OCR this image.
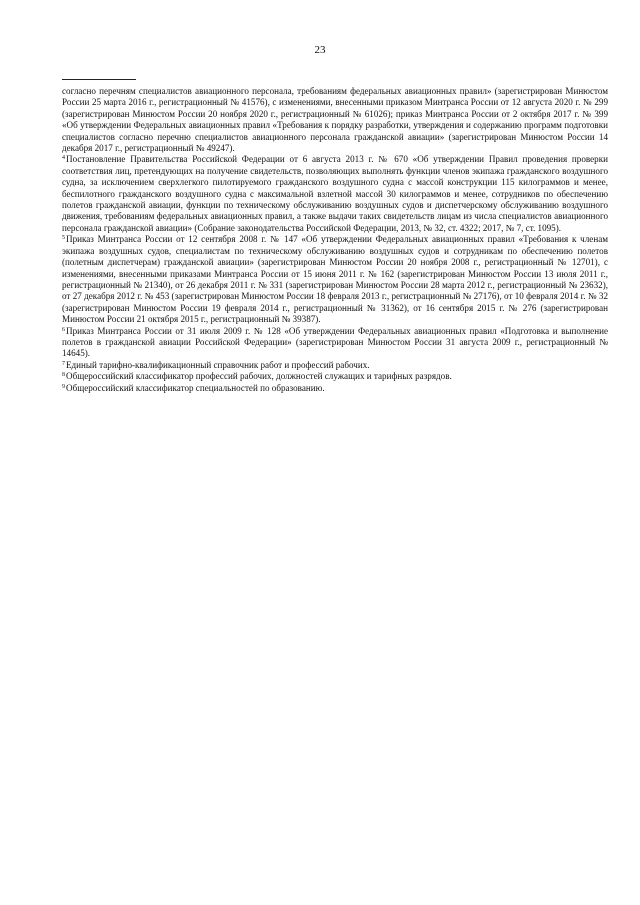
23

согласно перечням специалистов авиационного персонала, требованиям федеральных авиационных правил» (зарегистрирован Минюстом России 25 марта 2016 г., регистрационный № 41576), с изменениями, внесенными приказом Минтранса России от 12 августа 2020 г. № 299 (зарегистрирован Минюстом России 20 ноября 2020 г., регистрационный № 61026); приказ Минтранса России от 2 октября 2017 г. № 399 «Об утверждении Федеральных авиационных правил «Требования к порядку разработки, утверждения и содержанию программ подготовки специалистов согласно перечню специалистов авиационного персонала гражданской авиации» (зарегистрирован Минюстом России 14 декабря 2017 г., регистрационный № 49247).

$^4$Постановление Правительства Российской Федерации от 6 августа 2013 г. № 670 «Об утверждении Правил проведения проверки соответствия лиц, претендующих на получение свидетельств, позволяющих выполнять функции членов экипажа гражданского воздушного судна, за исключением сверхлегкого пилотируемого гражданского воздушного судна с массой конструкции 115 килограммов и менее, беспилотного гражданского воздушного судна с максимальной взлетной массой 30 килограммов и менее, сотрудников по обеспечению полетов гражданской авиации, функции по техническому обслуживанию воздушных судов и диспетчерскому обслуживанию воздушного движения, требованиям федеральных авиационных правил, а также выдачи таких свидетельств лицам из числа специалистов авиационного персонала гражданской авиации» (Собрание законодательства Российской Федерации, 2013, № 32, ст. 4322; 2017, № 7, ст. 1095).

$^5$Приказ Минтранса России от 12 сентября 2008 г. № 147 «Об утверждении Федеральных авиационных правил «Требования к членам экипажа воздушных судов, специалистам по техническому обслуживанию воздушных судов и сотрудникам по обеспечению полетов (полетным диспетчерам) гражданской авиации» (зарегистрирован Минюстом России 20 ноября 2008 г., регистрационный № 12701), с изменениями, внесенными приказами Минтранса России от 15 июня 2011 г. № 162 (зарегистрирован Минюстом России 13 июля 2011 г., регистрационный № 21340), от 26 декабря 2011 г. № 331 (зарегистрирован Минюстом России 28 марта 2012 г., регистрационный № 23632), от 27 декабря 2012 г. № 453 (зарегистрирован Минюстом России 18 февраля 2013 г., регистрационный № 27176), от 10 февраля 2014 г. № 32 (зарегистрирован Минюстом России 19 февраля 2014 г., регистрационный № 31362), от 16 сентября 2015 г. № 276 (зарегистрирован Минюстом России 21 октября 2015 г., регистрационный № 39387).

$^6$Приказ Минтранса России от 31 июля 2009 г. № 128 «Об утверждении Федеральных авиационных правил «Подготовка и выполнение полетов в гражданской авиации Российской Федерации» (зарегистрирован Минюстом России 31 августа 2009 г., регистрационный № 14645).

$^7$Единый тарифно-квалификационный справочник работ и профессий рабочих.

$^8$Общероссийский классификатор профессий рабочих, должностей служащих и тарифных разрядов.

$^9$Общероссийский классификатор специальностей по образованию.
